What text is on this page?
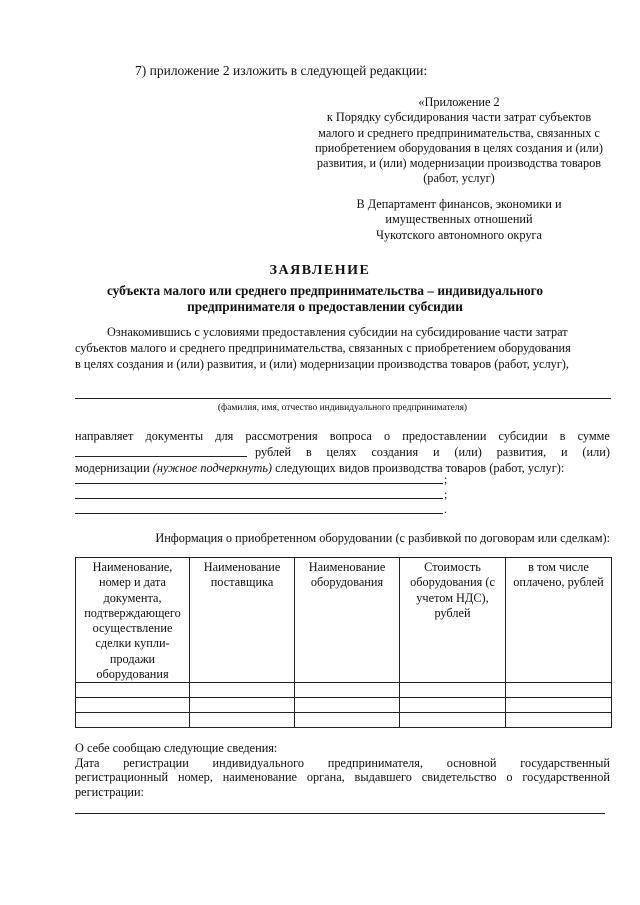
7) приложение 2 изложить в следующей редакции:
«Приложение 2
к Порядку субсидирования части затрат субъектов
малого и среднего предпринимательства, связанных с
приобретением оборудования в целях создания и (или)
развития, и (или) модернизации производства товаров
(работ, услуг)
В Департамент финансов, экономики и
имущественных отношений
Чукотского автономного округа
ЗАЯВЛЕНИЕ
субъекта малого или среднего предпринимательства – индивидуального
предпринимателя о предоставлении субсидии
Ознакомившись с условиями предоставления субсидии на субсидирование части затрат
субъектов малого и среднего предпринимательства, связанных с приобретением оборудования
в целях создания и (или) развития, и (или) модернизации производства товаров (работ, услуг),
(фамилия, имя, отчество индивидуального предпринимателя)
направляет документы для рассмотрения вопроса о предоставлении субсидии в сумме
рублей в целях создания и (или) развития, и (или)
модернизации (нужное подчеркнуть) следующих видов производства товаров (работ, услуг):
;
;
.
Информация о приобретенном оборудовании (с разбивкой по договорам или сделкам):
Наименование, номер и дата документа, подтверждающего осуществление сделки купли-продажи оборудования	Наименование поставщика	Наименование оборудования	Стоимость оборудования (с учетом НДС), рублей	в том числе оплачено, рублей

О себе сообщаю следующие сведения:
Дата регистрации индивидуального предпринимателя, основной государственный
регистрационный номер, наименование органа, выдавшего свидетельство о государственной
регистрации:
